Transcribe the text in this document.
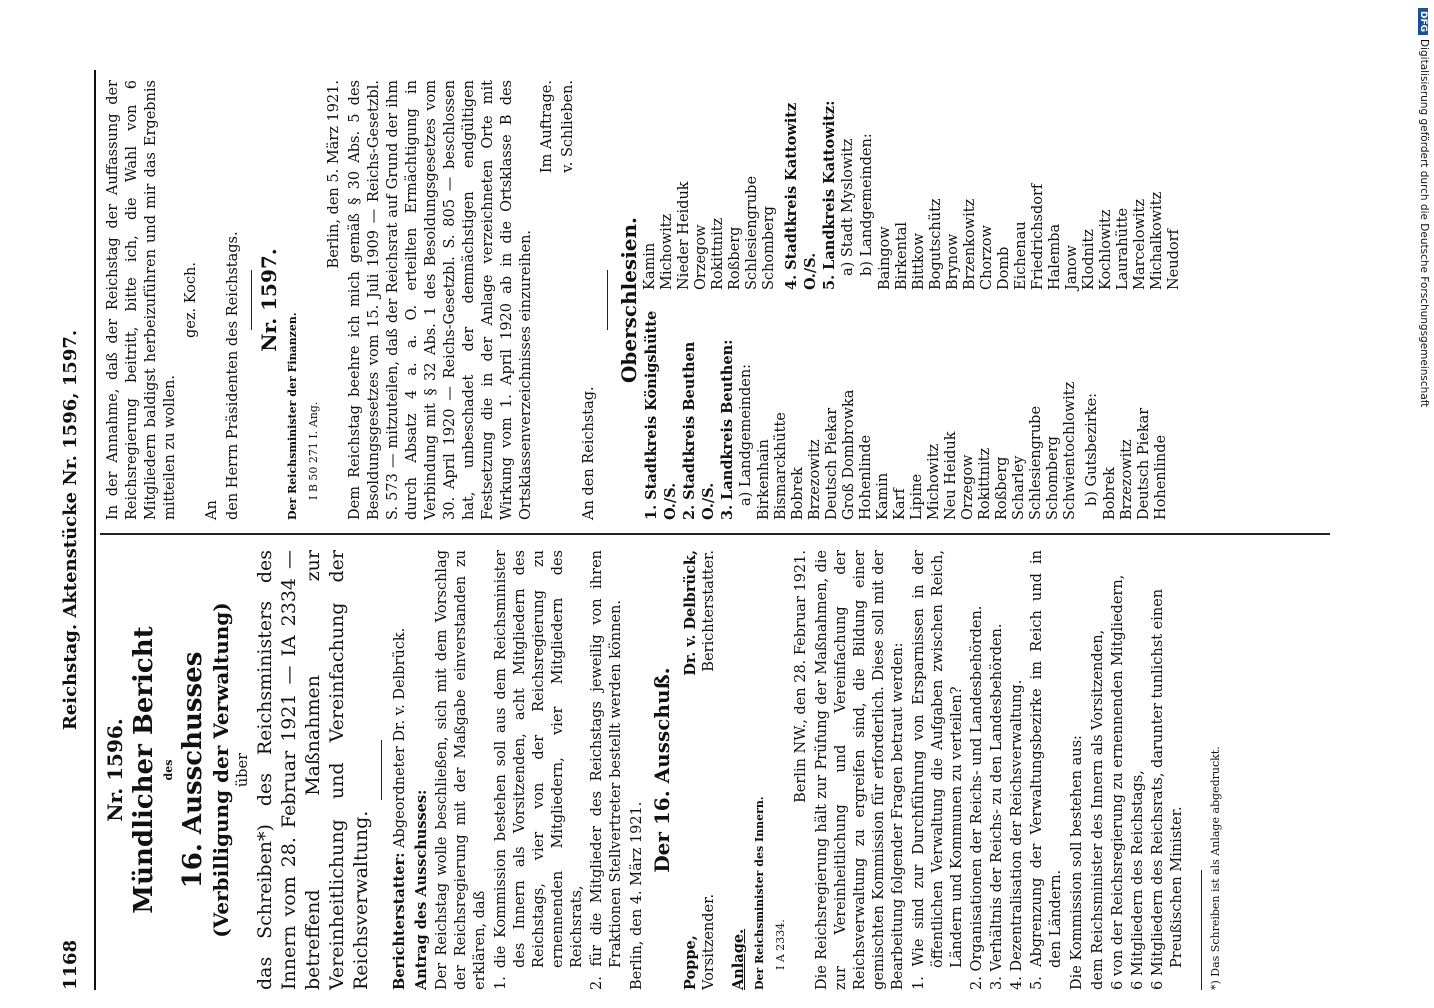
1168
Reichstag. Aktenstücke Nr. 1596, 1597.
Nr. 1596. Mündlicher Bericht des 16. Ausschusses (Verbilligung der Verwaltung) über das Schreiben*) des Reichsministers des Innern vom 28. Februar 1921 — IA 2334 — betreffend Maßnahmen zur Vereinheitlichung und Vereinfachung der Reichsverwaltung. Berichterstatter: Abgeordneter Dr. v. Delbrück.

Antrag des Ausschusses: Der Reichstag wolle beschließen, sich mit dem Vorschlag der Reichsregierung mit der Maßgabe einverstanden zu erklären, daß 1. die Kommission bestehen soll aus dem Reichsminister des Innern als Vorsitzenden, acht Mitgliedern des Reichstags, vier von der Reichsregierung zu ernennenden Mitgliedern, vier Mitgliedern des Reichsrats, 2. für die Mitglieder des Reichstags jeweilig von ihren Fraktionen Stellvertreter bestellt werden können. Berlin, den 4. März 1921.

Der 16. Ausschuß.
Poppe, Vorsitzender.
Dr. v. Delbrück, Berichterstatter.

Anlage. Der Reichsminister des Innern. I A 2334.

Berlin NW., den 28. Februar 1921. Die Reichsregierung hält zur Prüfung der Maßnahmen, die zur Vereinheitlichung und Vereinfachung der Reichsverwaltung zu ergreifen sind, die Bildung einer gemischten Kommission für erforderlich. Diese soll mit der Bearbeitung folgender Fragen betraut werden: 1. Wie sind zur Durchführung von Ersparnissen in der öffentlichen Verwaltung die Aufgaben zwischen Reich, Ländern und Kommunen zu verteilen? 2. Organisationen der Reichs- und Landesbehörden. 3. Verhältnis der Reichs- zu den Landesbehörden. 4. Dezentralisation der Reichsverwaltung. 5. Abgrenzung der Verwaltungsbezirke im Reich und in den Ländern. Die Kommission soll bestehen aus: dem Reichsminister des Innern als Vorsitzenden, 6 von der Reichsregierung zu ernennenden Mitgliedern, 6 Mitgliedern des Reichstags, 6 Mitgliedern des Reichsrats, darunter tunlichst einen Preußischen Minister. *) Das Schreiben ist als Anlage abgedruckt.

In der Annahme, daß der Reichstag der Auffassung der Reichsregierung beitritt, bitte ich, die Wahl von 6 Mitgliedern baldigst herbeizuführen und mir das Ergebnis mitteilen zu wollen.

gez. Koch.

An den Herrn Präsidenten des Reichstags. Nr. 1597.

Der Reichsminister der Finanzen. I B 50 271 I. Ang.

Berlin, den 5. März 1921. Dem Reichstag beehre ich mich gemäß § 30 Abs. 5 des Besoldungsgesetzes vom 15. Juli 1909 — Reichs-Gesetzbl. S. 573 — mitzuteilen, daß der Reichsrat auf Grund der ihm durch Absatz 4 a. a. O. erteilten Ermächtigung in Verbindung mit § 32 Abs. 1 des Besoldungsgesetzes vom 30. April 1920 — Reichs-Gesetzbl. S. 805 — beschlossen hat, unbeschadet der demnächstigen endgültigen Festsetzung die in der Anlage verzeichneten Orte mit Wirkung vom 1. April 1920 ab in die Ortsklasse B des Ortsklassenverzeichnisses einzureihen.

Im Auftrage. v. Schlieben.

An den Reichstag.

Oberschlesien.
1. Stadtkreis Königshütte O./S. 2. Stadtkreis Beuthen O./S. 3. Landkreis Beuthen: a) Landgemeinden: Birkenhain Bismarckhütte Bobrek Brzezowitz Deutsch Piekar Groß Dombrowka Hohenlinde Kamin Karf Lipine Michowitz Neu Heiduk Orzegow Rokittnitz Roßberg Scharley Schlesiengrube Schomberg Schwientochlowitz b) Gutsbezirke: Bobrek Brzezowitz Deutsch Piekar Hohenlinde
Kamin Michowitz Nieder Heiduk Orzegow Rokittnitz Roßberg Schlesiengrube Schomberg 4. Stadtkreis Kattowitz O./S. 5. Landkreis Kattowitz: a) Stadt Myslowitz b) Landgemeinden: Baingow Birkental Bittkow Bogutschütz Brynow Brzenkowitz Chorzow Domb Eichenau Friedrichsdorf Halemba Janow Klodnitz Kochlowitz Laurahütte Marcelowitz Michalkowitz Neudorf
DFGDigitalisierung gefördert durch die Deutsche Forschungsgemeinschaft
